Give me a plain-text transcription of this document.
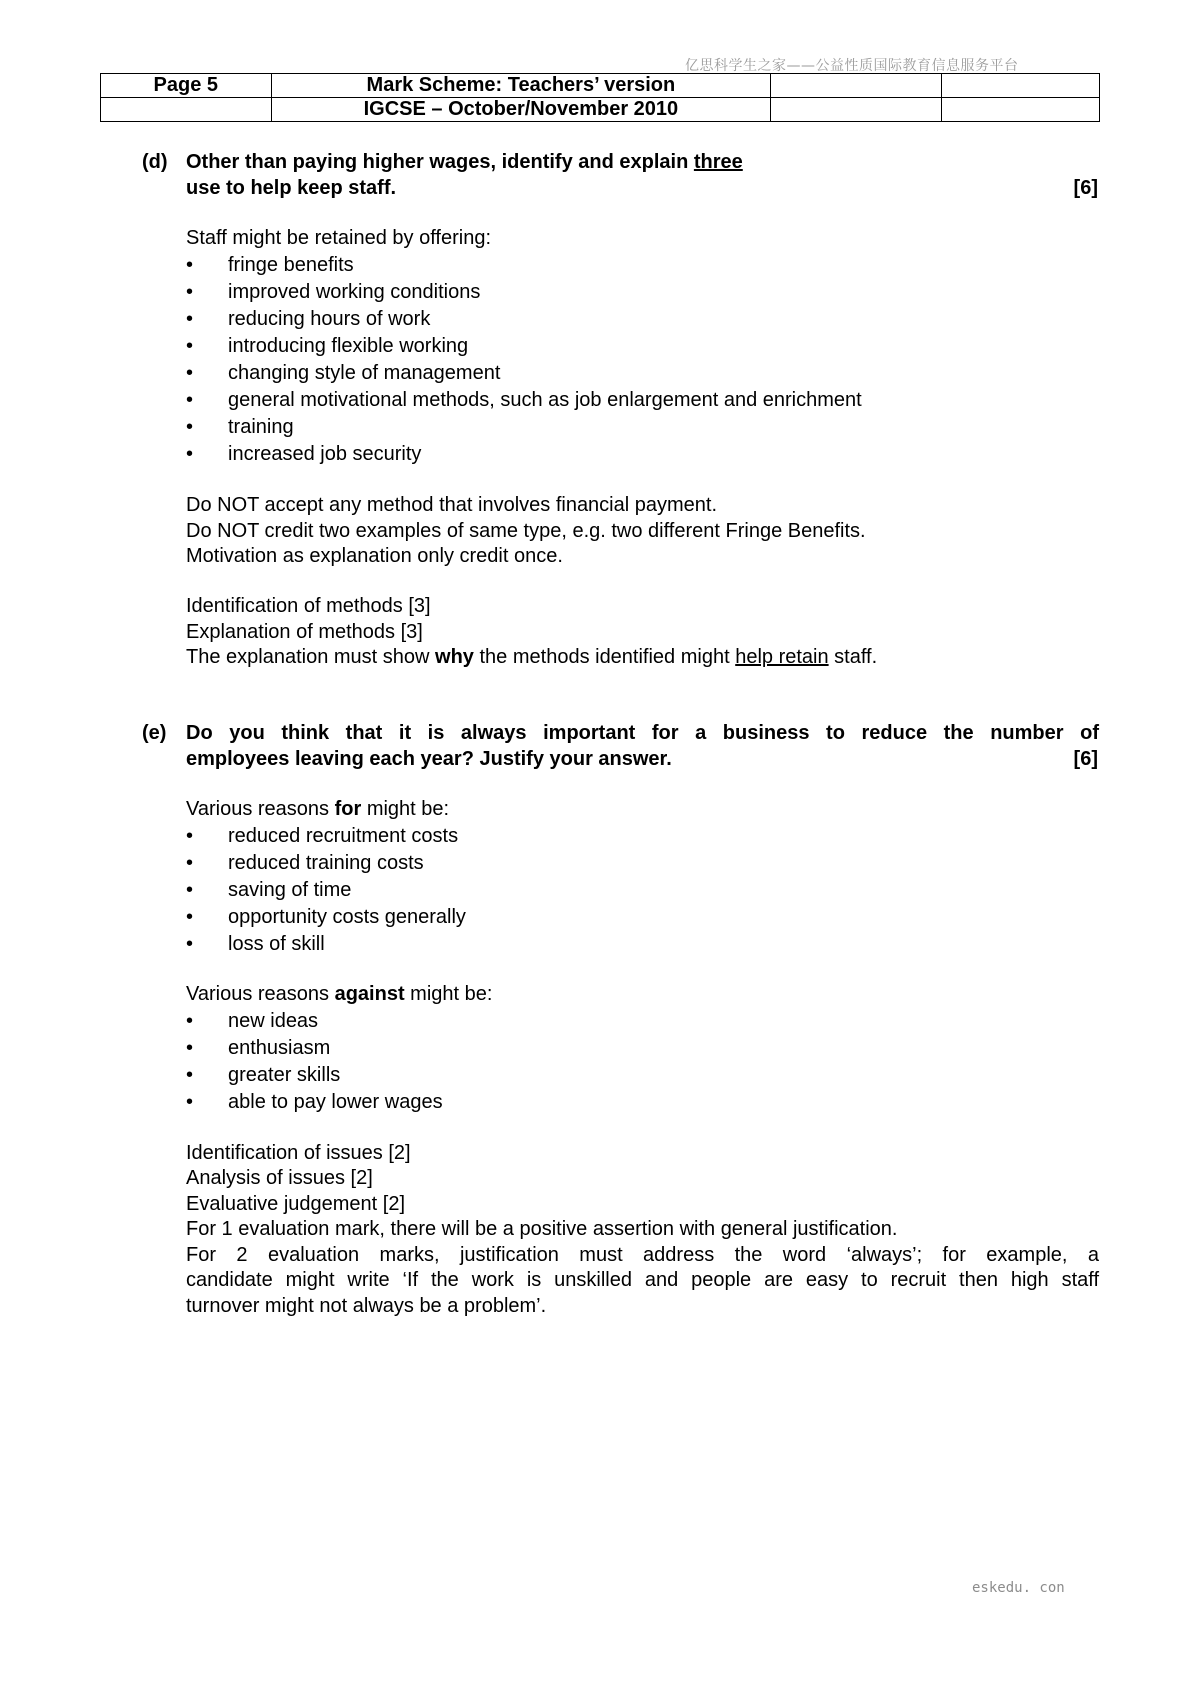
亿思科学生之家——公益性质国际教育信息服务平台
Page 5	Mark Scheme: Teachers’ version		
	IGCSE – October/November 2010		
(d) Other than paying higher wages, identify and explain three
use to help keep staff.	[6]
Staff might be retained by offering:
• fringe benefits
• improved working conditions
• reducing hours of work
• introducing flexible working
• changing style of management
• general motivational methods, such as job enlargement and enrichment
• training
• increased job security
Do NOT accept any method that involves financial payment.
Do NOT credit two examples of same type, e.g. two different Fringe Benefits.
Motivation as explanation only credit once.
Identification of methods [3]
Explanation of methods [3]
The explanation must show why the methods identified might help retain staff.
(e) Do you think that it is always important for a business to reduce the number of
employees leaving each year? Justify your answer.	[6]
Various reasons for might be:
• reduced recruitment costs
• reduced training costs
• saving of time
• opportunity costs generally
• loss of skill
Various reasons against might be:
• new ideas
• enthusiasm
• greater skills
• able to pay lower wages
Identification of issues [2]
Analysis of issues [2]
Evaluative judgement [2]
For 1 evaluation mark, there will be a positive assertion with general justification.
For 2 evaluation marks, justification must address the word ‘always’; for example, a
candidate might write ‘If the work is unskilled and people are easy to recruit then high staff
turnover might not always be a problem’.
eskedu. con
